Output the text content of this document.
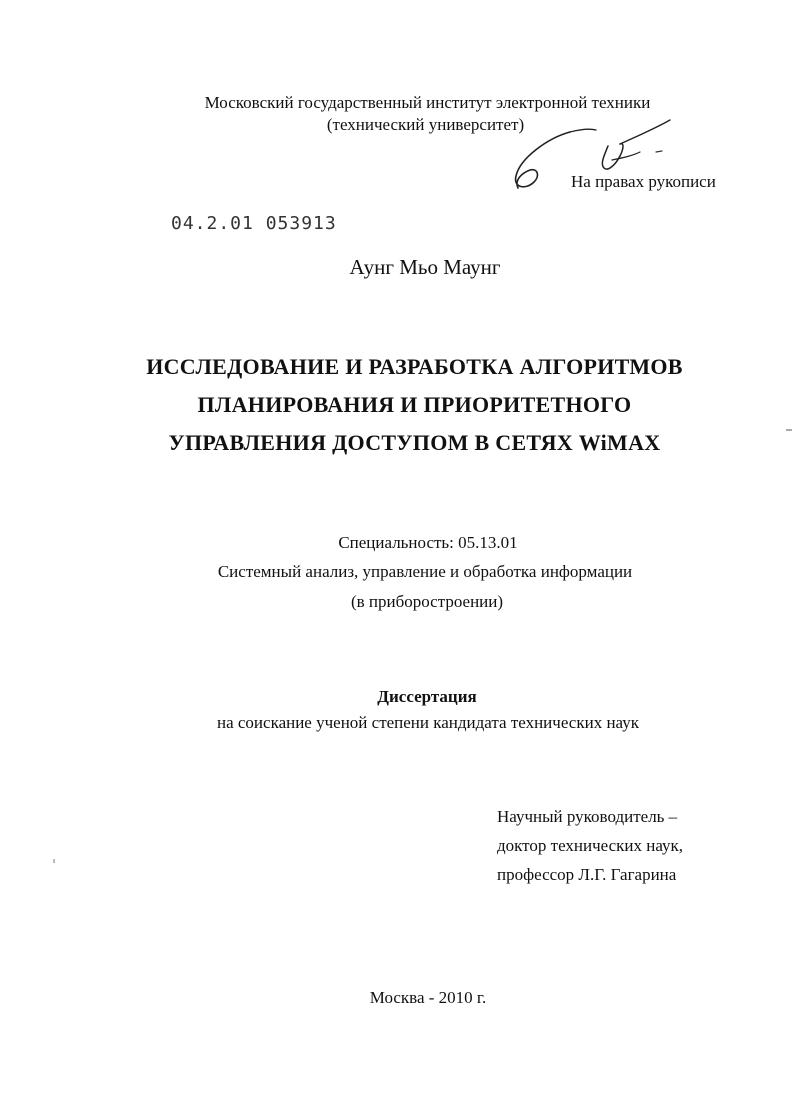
Московский государственный институт электронной техники
(технический университет)
На правах рукописи
04.2.01 053913
Аунг Мьо Маунг
ИССЛЕДОВАНИЕ И РАЗРАБОТКА АЛГОРИТМОВ
ПЛАНИРОВАНИЯ И ПРИОРИТЕТНОГО
УПРАВЛЕНИЯ ДОСТУПОМ В СЕТЯХ WiMAX
Специальность: 05.13.01
Системный анализ, управление и обработка информации
(в приборостроении)
Диссертация
на соискание ученой степени кандидата технических наук
Научный руководитель –
доктор технических наук,
профессор Л.Г. Гагарина
Москва - 2010 г.
